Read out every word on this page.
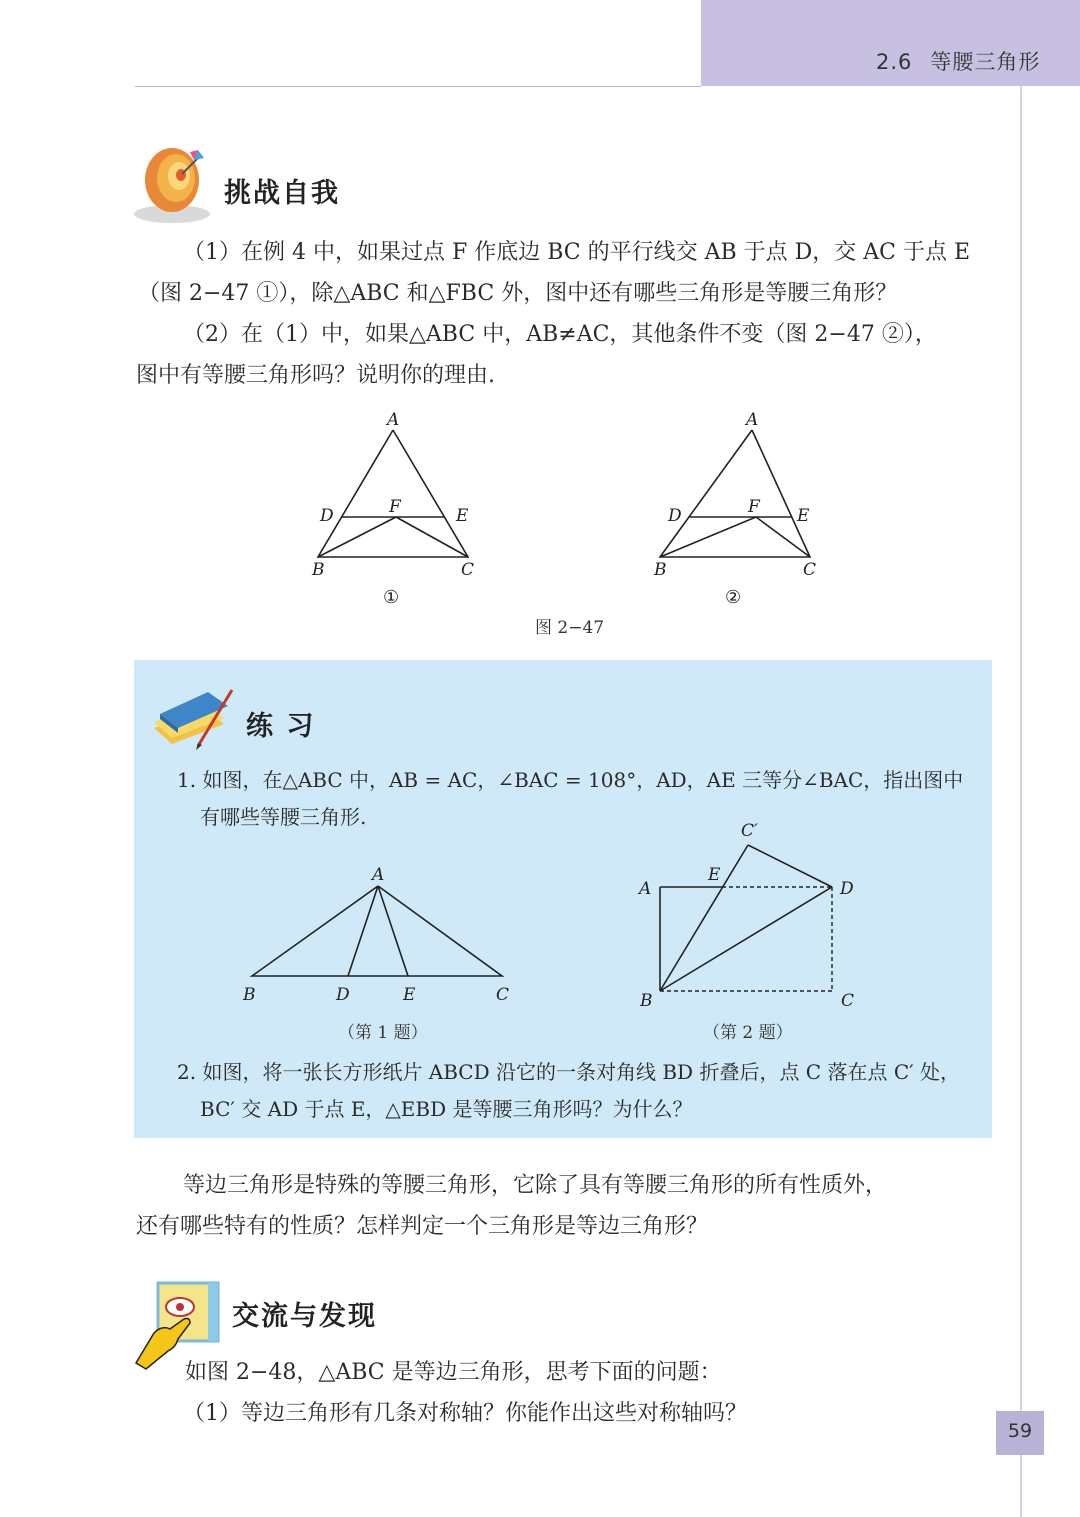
2.6 等腰三角形
挑战自我
（1）在例 4 中，如果过点 F 作底边 BC 的平行线交 AB 于点 D，交 AC 于点 E
（图 2−47 ①），除△ABC 和△FBC 外，图中还有哪些三角形是等腰三角形？
（2）在（1）中，如果△ABC 中，AB≠AC，其他条件不变（图 2−47 ②），
图中有等腰三角形吗？说明你的理由.
A
D	F	E
B	C
①
A
D	F E
B	C
②
图 2−47
练 习
1. 如图，在△ABC 中，AB = AC，∠BAC = 108°，AD，AE 三等分∠BAC，指出图中
有哪些等腰三角形.
A
B	D	E	C
（第 1 题）
C′
A
E
D
B	C
（第 2 题）
2. 如图，将一张长方形纸片 ABCD 沿它的一条对角线 BD 折叠后，点 C 落在点 C′ 处，
BC′ 交 AD 于点 E，△EBD 是等腰三角形吗？为什么？
等边三角形是特殊的等腰三角形，它除了具有等腰三角形的所有性质外，
还有哪些特有的性质？怎样判定一个三角形是等边三角形？
交流与发现
如图 2−48，△ABC 是等边三角形，思考下面的问题：
（1）等边三角形有几条对称轴？你能作出这些对称轴吗？
59
